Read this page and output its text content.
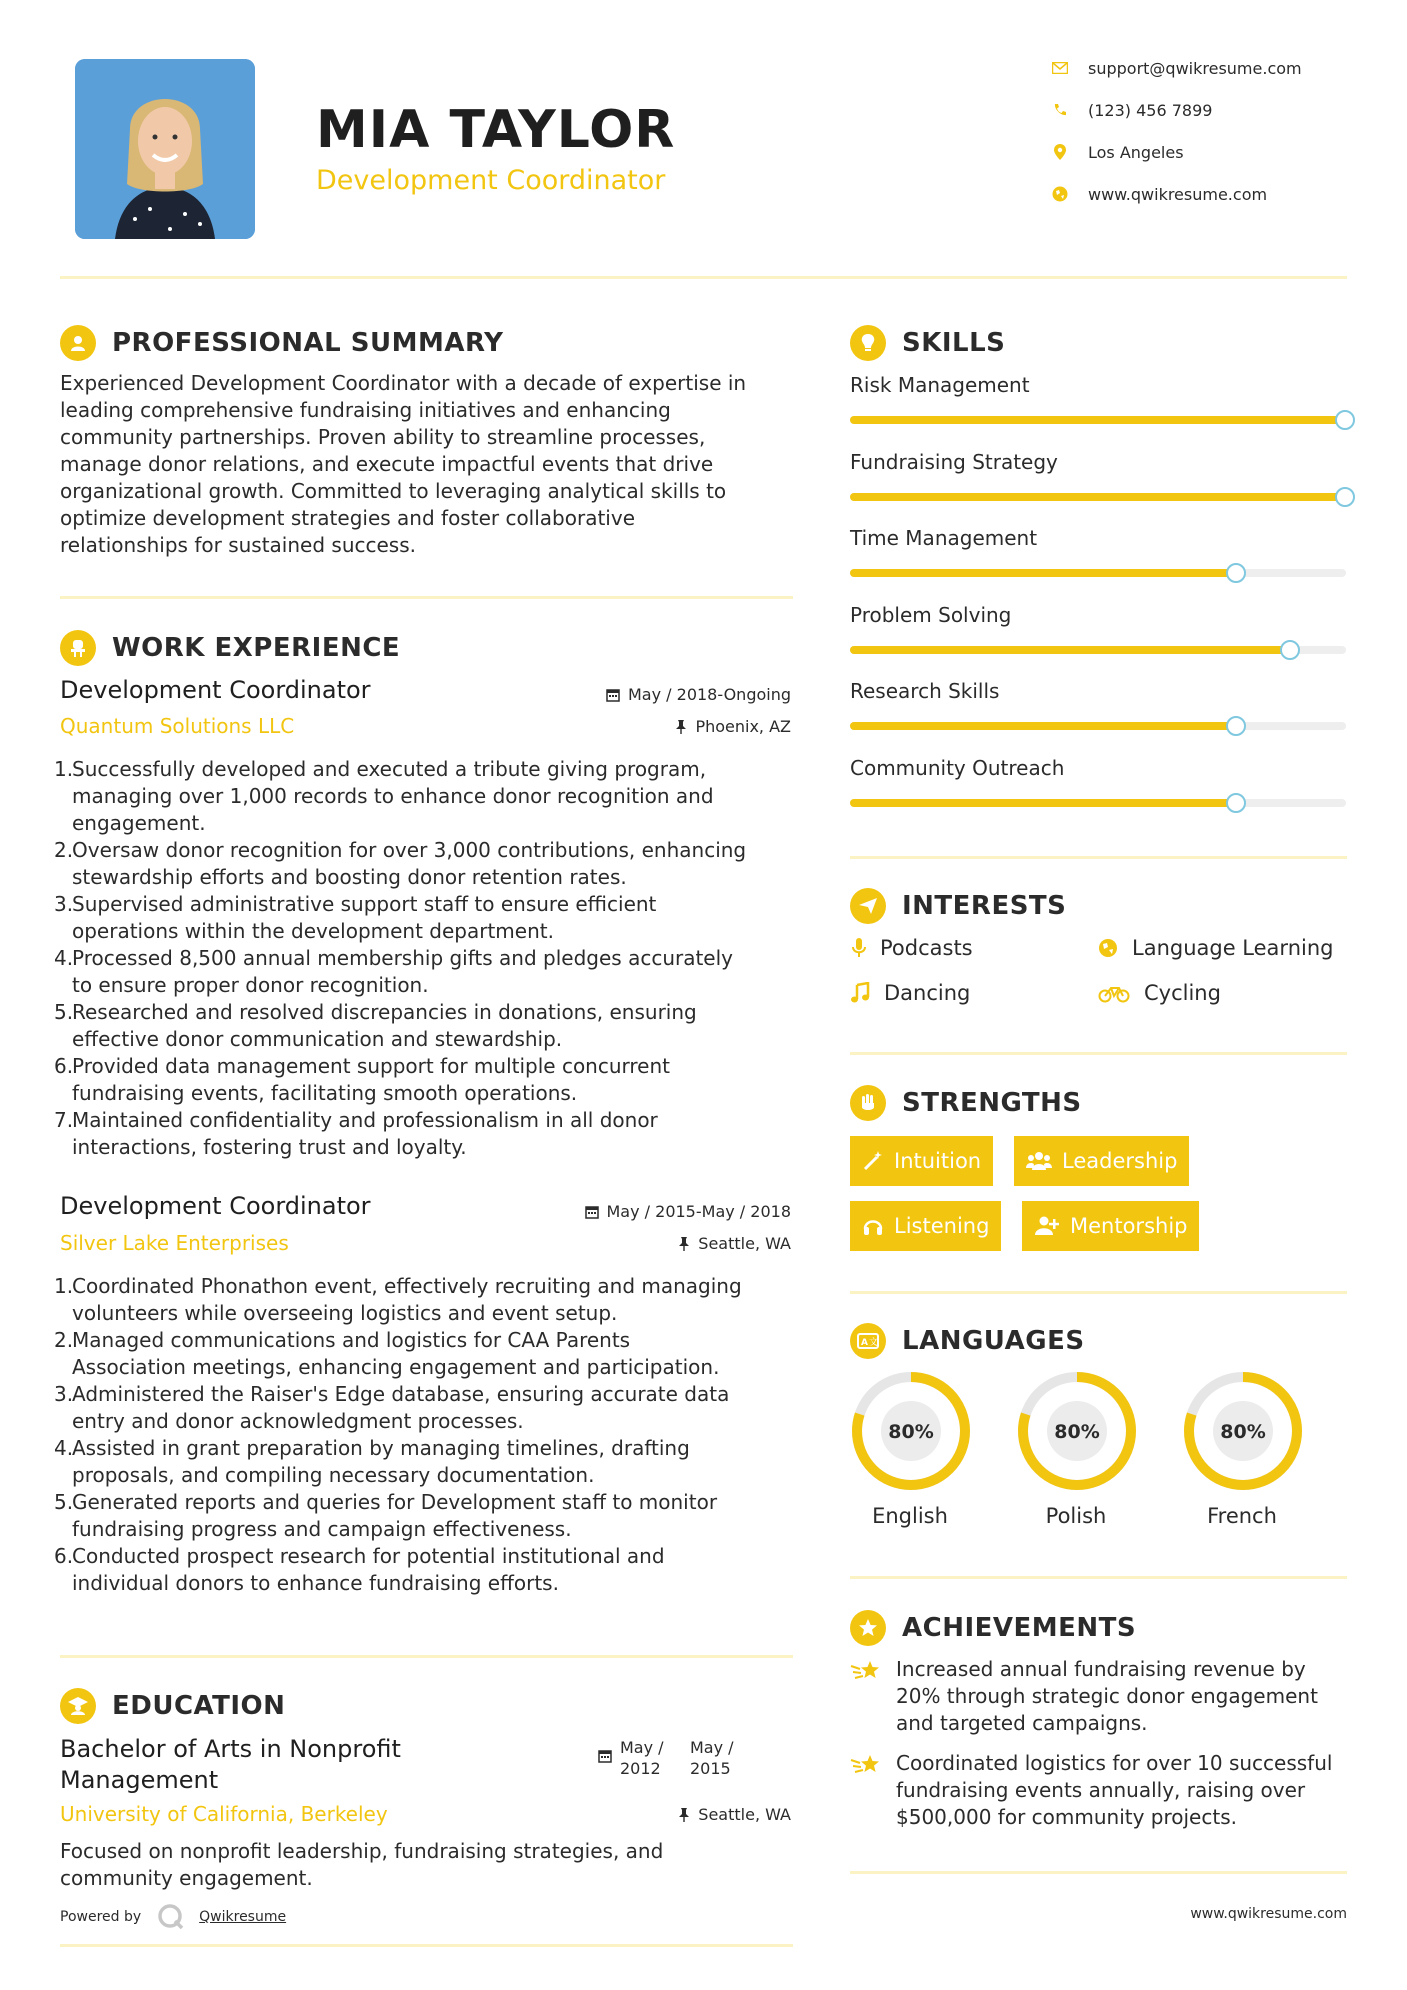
MIA TAYLOR
Development Coordinator
support@qwikresume.com
(123) 456 7899
Los Angeles
www.qwikresume.com
PROFESSIONAL SUMMARY
Experienced Development Coordinator with a decade of expertise in
leading comprehensive fundraising initiatives and enhancing
community partnerships. Proven ability to streamline processes,
manage donor relations, and execute impactful events that drive
organizational growth. Committed to leveraging analytical skills to
optimize development strategies and foster collaborative
relationships for sustained success.
WORK EXPERIENCE
Development Coordinator	May / 2018-Ongoing
Quantum Solutions LLC	Phoenix, AZ
1.Successfully developed and executed a tribute giving program,
managing over 1,000 records to enhance donor recognition and
engagement.
2.Oversaw donor recognition for over 3,000 contributions, enhancing
stewardship efforts and boosting donor retention rates.
3.Supervised administrative support staff to ensure efficient
operations within the development department.
4.Processed 8,500 annual membership gifts and pledges accurately
to ensure proper donor recognition.
5.Researched and resolved discrepancies in donations, ensuring
effective donor communication and stewardship.
6.Provided data management support for multiple concurrent
fundraising events, facilitating smooth operations.
7.Maintained confidentiality and professionalism in all donor
interactions, fostering trust and loyalty.
Development Coordinator	May / 2015-May / 2018
Silver Lake Enterprises	Seattle, WA
1.Coordinated Phonathon event, effectively recruiting and managing
volunteers while overseeing logistics and event setup.
2.Managed communications and logistics for CAA Parents
Association meetings, enhancing engagement and participation.
3.Administered the Raiser's Edge database, ensuring accurate data
entry and donor acknowledgment processes.
4.Assisted in grant preparation by managing timelines, drafting
proposals, and compiling necessary documentation.
5.Generated reports and queries for Development staff to monitor
fundraising progress and campaign effectiveness.
6.Conducted prospect research for potential institutional and
individual donors to enhance fundraising efforts.
EDUCATION
Bachelor of Arts in Nonprofit
Management
May /
2012
May /
2015
University of California, Berkeley	Seattle, WA
Focused on nonprofit leadership, fundraising strategies, and
community engagement.
Powered by	Qwikresume
SKILLS
Risk Management
Fundraising Strategy
Time Management
Problem Solving
Research Skills
Community Outreach
INTERESTS
Podcasts	Language Learning
Dancing	Cycling
STRENGTHS
Intuition	Leadership
Listening	Mentorship
A 文 LANGUAGES
80%
English
80%
Polish
80%
French
ACHIEVEMENTS
Increased annual fundraising revenue by
20% through strategic donor engagement
and targeted campaigns.
Coordinated logistics for over 10 successful
fundraising events annually, raising over
$500,000 for community projects.
www.qwikresume.com
